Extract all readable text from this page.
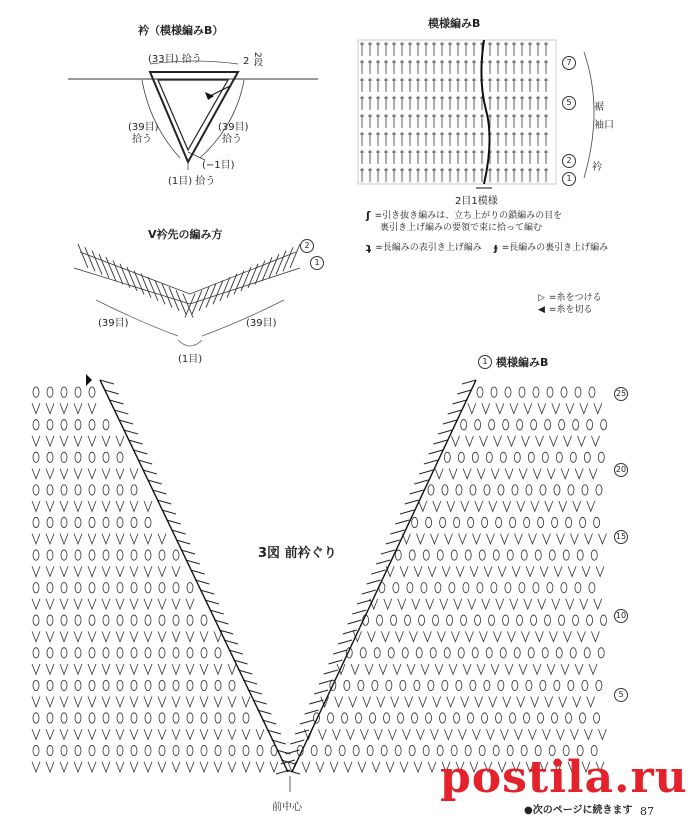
衿（模様編みB）
(33目) 拾う
(39目)
拾う
(39目)
拾う
2 2段
(−1目)
(1目) 拾う
模様編みB
2目1模様
裾
袖口
衿
7
5
2
1
V衿先の編み方
(39目)	(39目)
(1目)
2
1
ʃ =引き抜き編みは、立ち上がりの鎖編みの目を
裏引き上げ編みの要領で束に拾って編む
ʇ =長編みの表引き上げ編み ɟ =長編みの裏引き上げ編み
▷ =糸をつける
◀ =糸を切る
3図 前衿ぐり
1 模様編みB
前中心
25
20
15
10
5
postila.ru
●次のページに続きます 87
